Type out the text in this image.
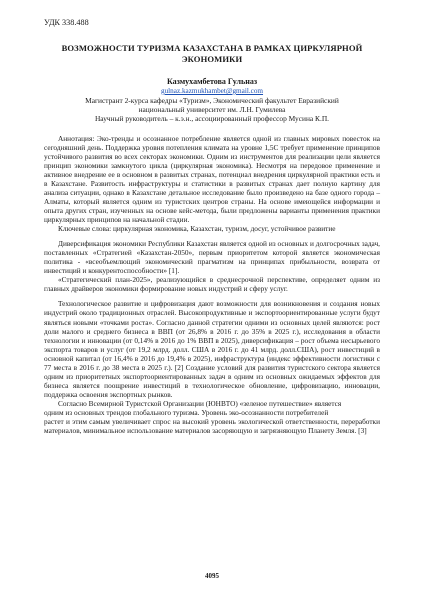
УДК 338.488

ВОЗМОЖНОСТИ ТУРИЗМА КАЗАХСТАНА В РАМКАХ ЦИРКУЛЯРНОЙ ЭКОНОМИКИ

Казмухамбетова Гульназ

gulnaz.kazmukhambet@gmail.com

Магистрант 2-курса кафедры «Туризм», Экономический факультет Евразийский
национальный университет им. Л.Н. Гумилева
Научный руководитель – к.э.н., ассоциированный профессор Мусина К.П.

Аннотация: Эко-тренды и осознанное потребление является одной из главных мировых повесток на сегодняшний день. Поддержка уровня потепления климата на уровне 1,5С требует применение принципов устойчивого развития во всех секторах экономики. Одним из инструментов для реализации цели является принцип экономики замкнутого цикла (циркулярная экономика). Несмотря на передовое применение и активное внедрение ее в основном в развитых странах, потенциал внедрения циркулярной практики есть и в Казахстане. Развитость инфраструктуры и статистики в развитых странах дает полную картину для анализа ситуации, однако в Казахстане детальное исследование было произведено на базе одного города – Алматы, который является одним из туристских центров страны. На основе имеющейся информации и опыта других стран, изученных на основе кейс-метода, были предложены варианты применения практики циркулярных принципов на начальной стадии.

Ключевые слова: циркулярная экономика, Казахстан, туризм, досуг, устойчивое развитие

Диверсификация экономики Республики Казахстан является одной из основных и долгосрочных задач, поставленных «Стратегией «Казахстан-2050», первым приоритетом которой является экономическая политика - «всеобъемлющий экономический прагматизм на принципах прибыльности, возврата от инвестиций и конкурентоспособности» [1].

«Стратегический план-2025», реализующийся в среднесрочной перспективе, определяет одним из главных драйверов экономики формирование новых индустрий и сферу услуг.

Технологическое развитие и цифровизация дают возможности для возникновения и создания новых индустрий около традиционных отраслей. Высокопродуктивные и экспортоориентированные услуги будут являться новыми «точками роста». Согласно данной стратегии одними из основных целей являются: рост доли малого и среднего бизнеса в ВВП (от 26,8% в 2016 г. до 35% в 2025 г.), исследования в области технологии и инновации (от 0,14% в 2016 до 1% ВВП в 2025), диверсификация – рост объема несырьевого экспорта товаров и услуг (от 19,2 млрд. долл. США в 2016 г. до 41 млрд. долл.США), рост инвестиций в основной капитал (от 16,4% в 2016 до 19,4% в 2025), инфраструктура (индекс эффективности логистики с 77 места в 2016 г. до 38 места в 2025 г.). [2] Создание условий для развития туристского сектора является одним из приоритетных экспортоориентированных задач в одним из основных ожидаемых эффектов для бизнеса является поощрение инвестиций в технологическое обновление, цифровизацию, инновации, поддержка освоения экспортных рынков.

Согласно Всемирной Туристской Организации (ЮНВТО) «зеленое путешествие» является

одним из основных трендов глобального туризма. Уровень эко-осознанности потребителей

растет и этим самым увеличивает спрос на высокий уровень экологической ответственности, переработки материалов, минимальное использование материалов засоряющую и загрязняющую Планету Земля. [3]

4095
